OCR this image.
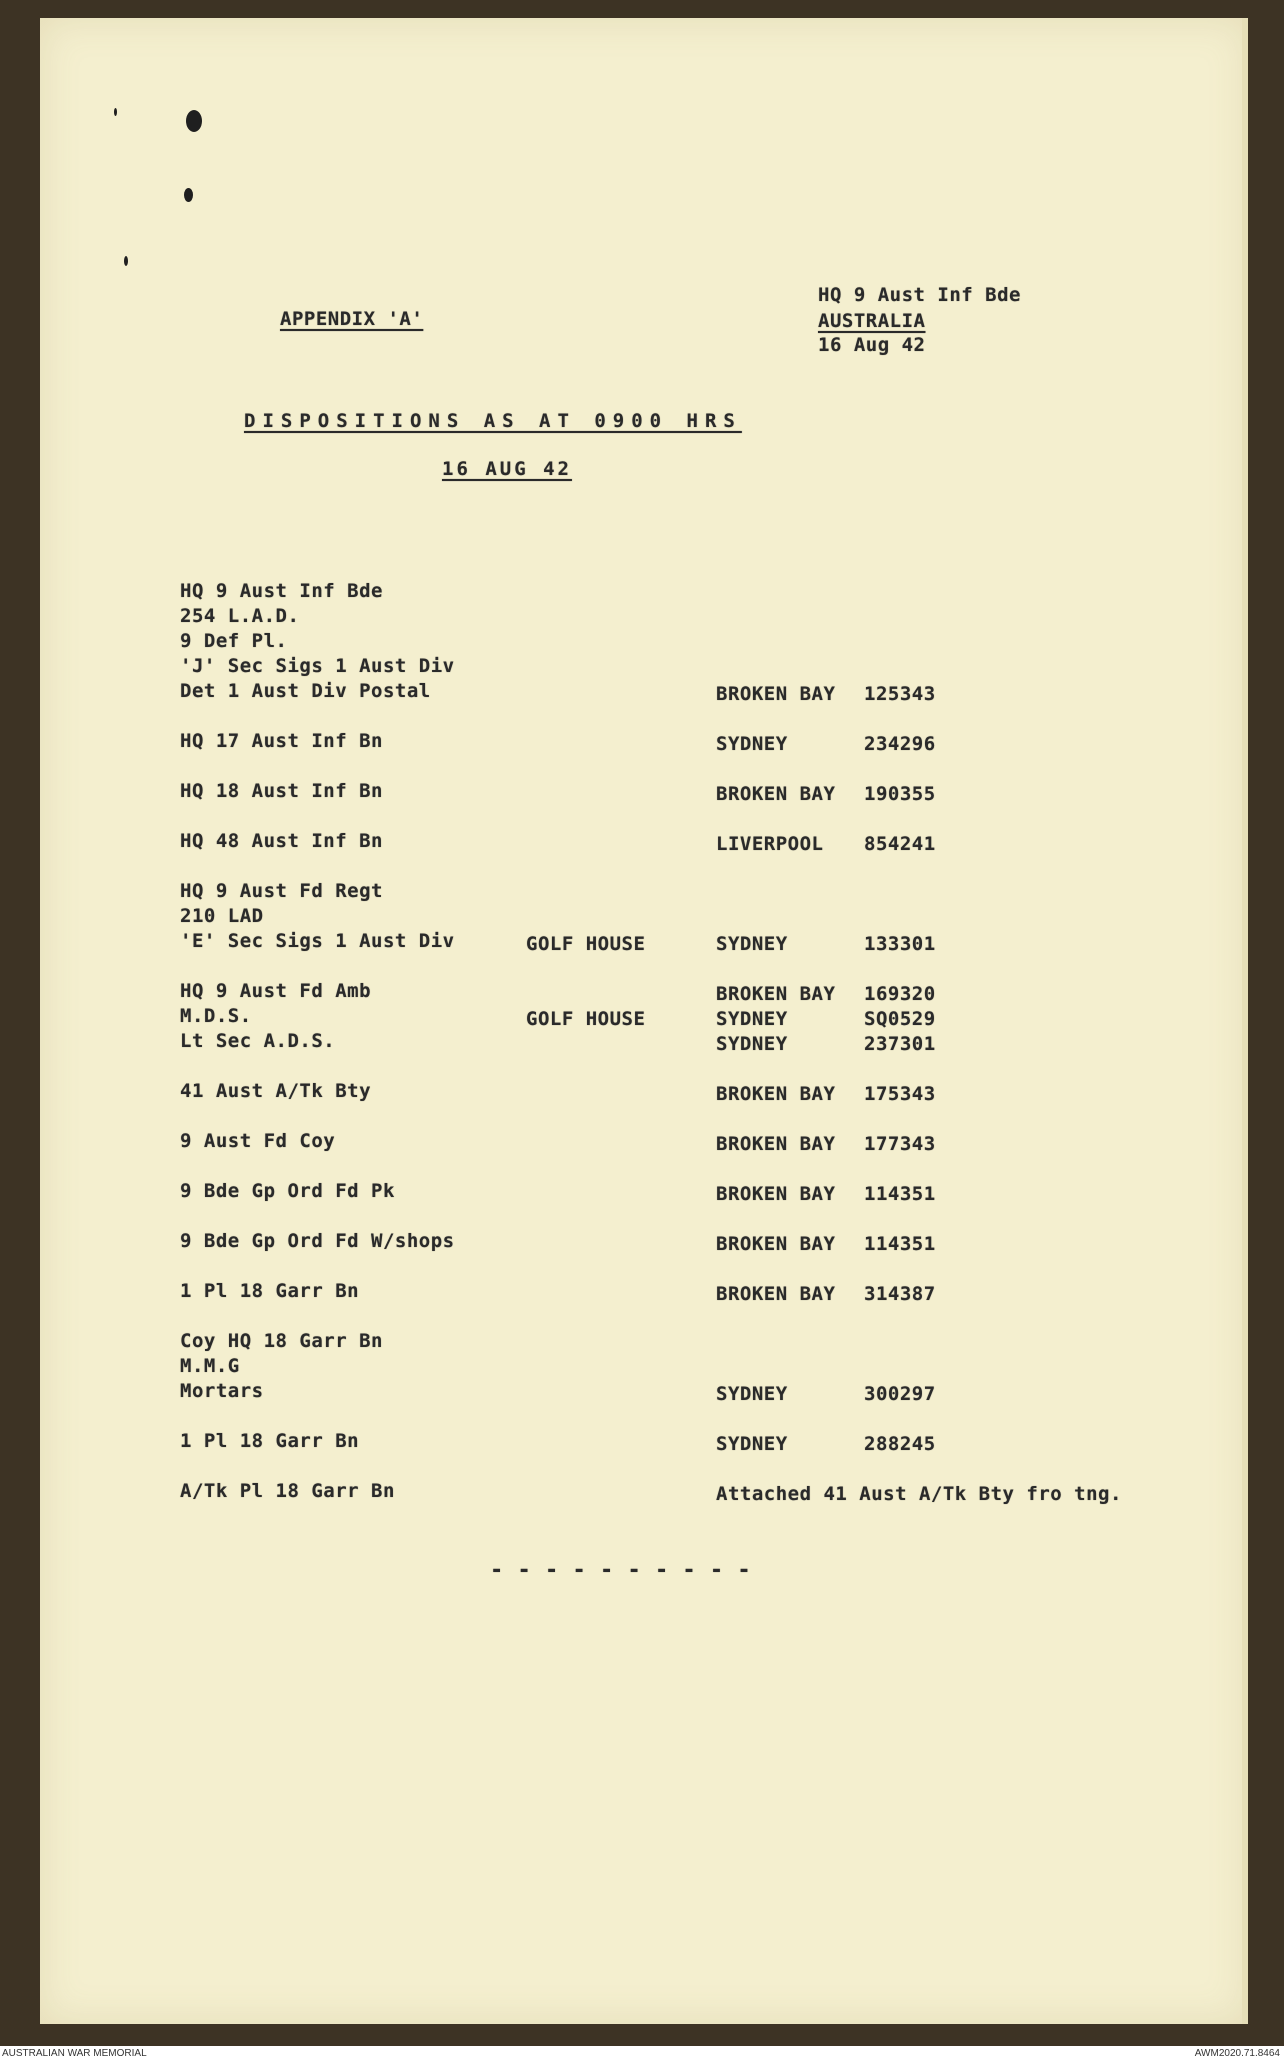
APPENDIX 'A'
HQ 9 Aust Inf Bde
AUSTRALIA
16 Aug 42
DISPOSITIONS AS AT 0900 HRS
16 AUG 42
HQ 9 Aust Inf Bde
254 L.A.D.
9 Def Pl.
'J' Sec Sigs 1 Aust Div
Det 1 Aust Div Postal	BROKEN BAY 125343
HQ 17 Aust Inf Bn	SYDNEY	234296
HQ 18 Aust Inf Bn	BROKEN BAY 190355
HQ 48 Aust Inf Bn	LIVERPOOL 854241
HQ 9 Aust Fd Regt
210 LAD
'E' Sec Sigs 1 Aust Div	GOLF HOUSE	SYDNEY	133301
HQ 9 Aust Fd Amb	BROKEN BAY 169320
M.D.S.	GOLF HOUSE	SYDNEY	SQ0529
Lt Sec A.D.S.	SYDNEY	237301
41 Aust A/Tk Bty	BROKEN BAY 175343
9 Aust Fd Coy	BROKEN BAY 177343
9 Bde Gp Ord Fd Pk	BROKEN BAY 114351
9 Bde Gp Ord Fd W/shops	BROKEN BAY 114351
1 Pl 18 Garr Bn	BROKEN BAY 314387
Coy HQ 18 Garr Bn
M.M.G
Mortars	SYDNEY	300297
1 Pl 18 Garr Bn	SYDNEY	288245
A/Tk Pl 18 Garr Bn	Attached 41 Aust A/Tk Bty fro tng.
- - - - - - - - - -
AUSTRALIAN WAR MEMORIAL	AWM2020.71.8464
